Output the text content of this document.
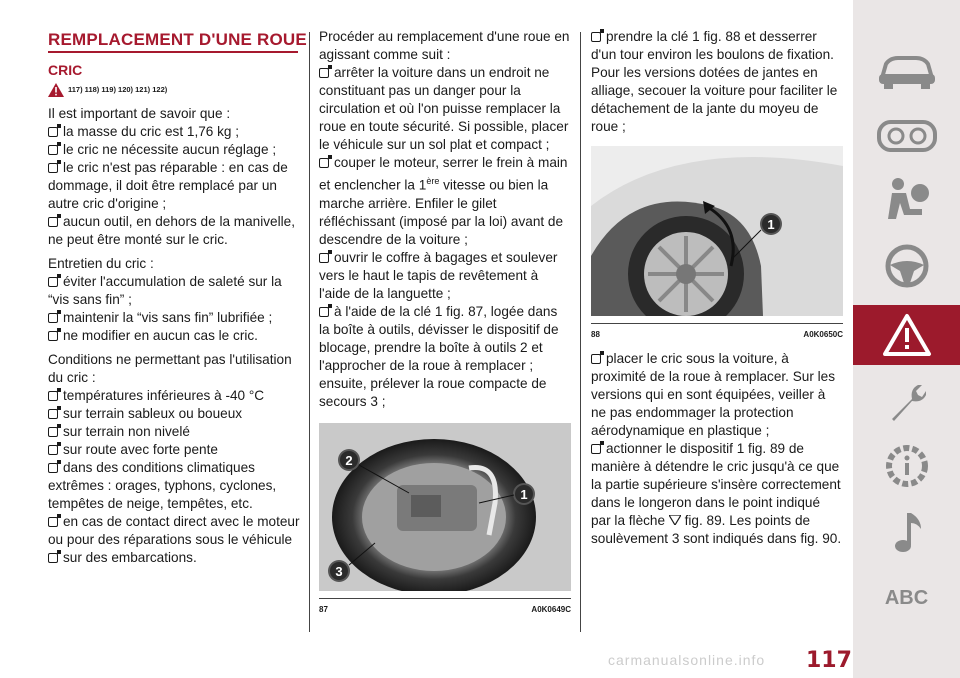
REMPLACEMENT D'UNE ROUE
CRIC
117) 118) 119) 120) 121) 122)

Il est important de savoir que :

la masse du cric est 1,76 kg ;

le cric ne nécessite aucun réglage ;

le cric n'est pas réparable : en cas de dommage, il doit être remplacé par un autre cric d'origine ;

aucun outil, en dehors de la manivelle, ne peut être monté sur le cric.

Entretien du cric :

éviter l'accumulation de saleté sur la “vis sans fin” ;

maintenir la “vis sans fin” lubrifiée ;

ne modifier en aucun cas le cric.

Conditions ne permettant pas l'utilisation du cric :

températures inférieures à -40 °C

sur terrain sableux ou boueux

sur terrain non nivelé

sur route avec forte pente

dans des conditions climatiques extrêmes : orages, typhons, cyclones, tempêtes de neige, tempêtes, etc.

en cas de contact direct avec le moteur ou pour des réparations sous le véhicule

sur des embarcations.

Procéder au remplacement d'une roue en agissant comme suit :

arrêter la voiture dans un endroit ne constituant pas un danger pour la circulation et où l'on puisse remplacer la roue en toute sécurité. Si possible, placer le véhicule sur un sol plat et compact ;

couper le moteur, serrer le frein à main et enclencher la 1ère vitesse ou bien la marche arrière. Enfiler le gilet réfléchissant (imposé par la loi) avant de descendre de la voiture ;

ouvrir le coffre à bagages et soulever vers le haut le tapis de revêtement à l'aide de la languette ;

à l'aide de la clé 1 fig. 87, logée dans la boîte à outils, dévisser le dispositif de blocage, prendre la boîte à outils 2 et l'approcher de la roue à remplacer ; ensuite, prélever la roue compacte de secours 3 ;

2
1
3
87	A0K0649C

prendre la clé 1 fig. 88 et desserrer d'un tour environ les boulons de fixation. Pour les versions dotées de jantes en alliage, secouer la voiture pour faciliter le détachement de la jante du moyeu de roue ;

1
88	A0K0650C

placer le cric sous la voiture, à proximité de la roue à remplacer. Sur les versions qui en sont équipées, veiller à ne pas endommager la protection aérodynamique en plastique ;

actionner le dispositif 1 fig. 89 de manière à détendre le cric jusqu'à ce que la partie supérieure s'insère correctement dans le longeron dans le point indiqué par la flèche  fig. 89. Les points de soulèvement 3 sont indiqués dans fig. 90.

ABC
117
carmanualsonline.info
